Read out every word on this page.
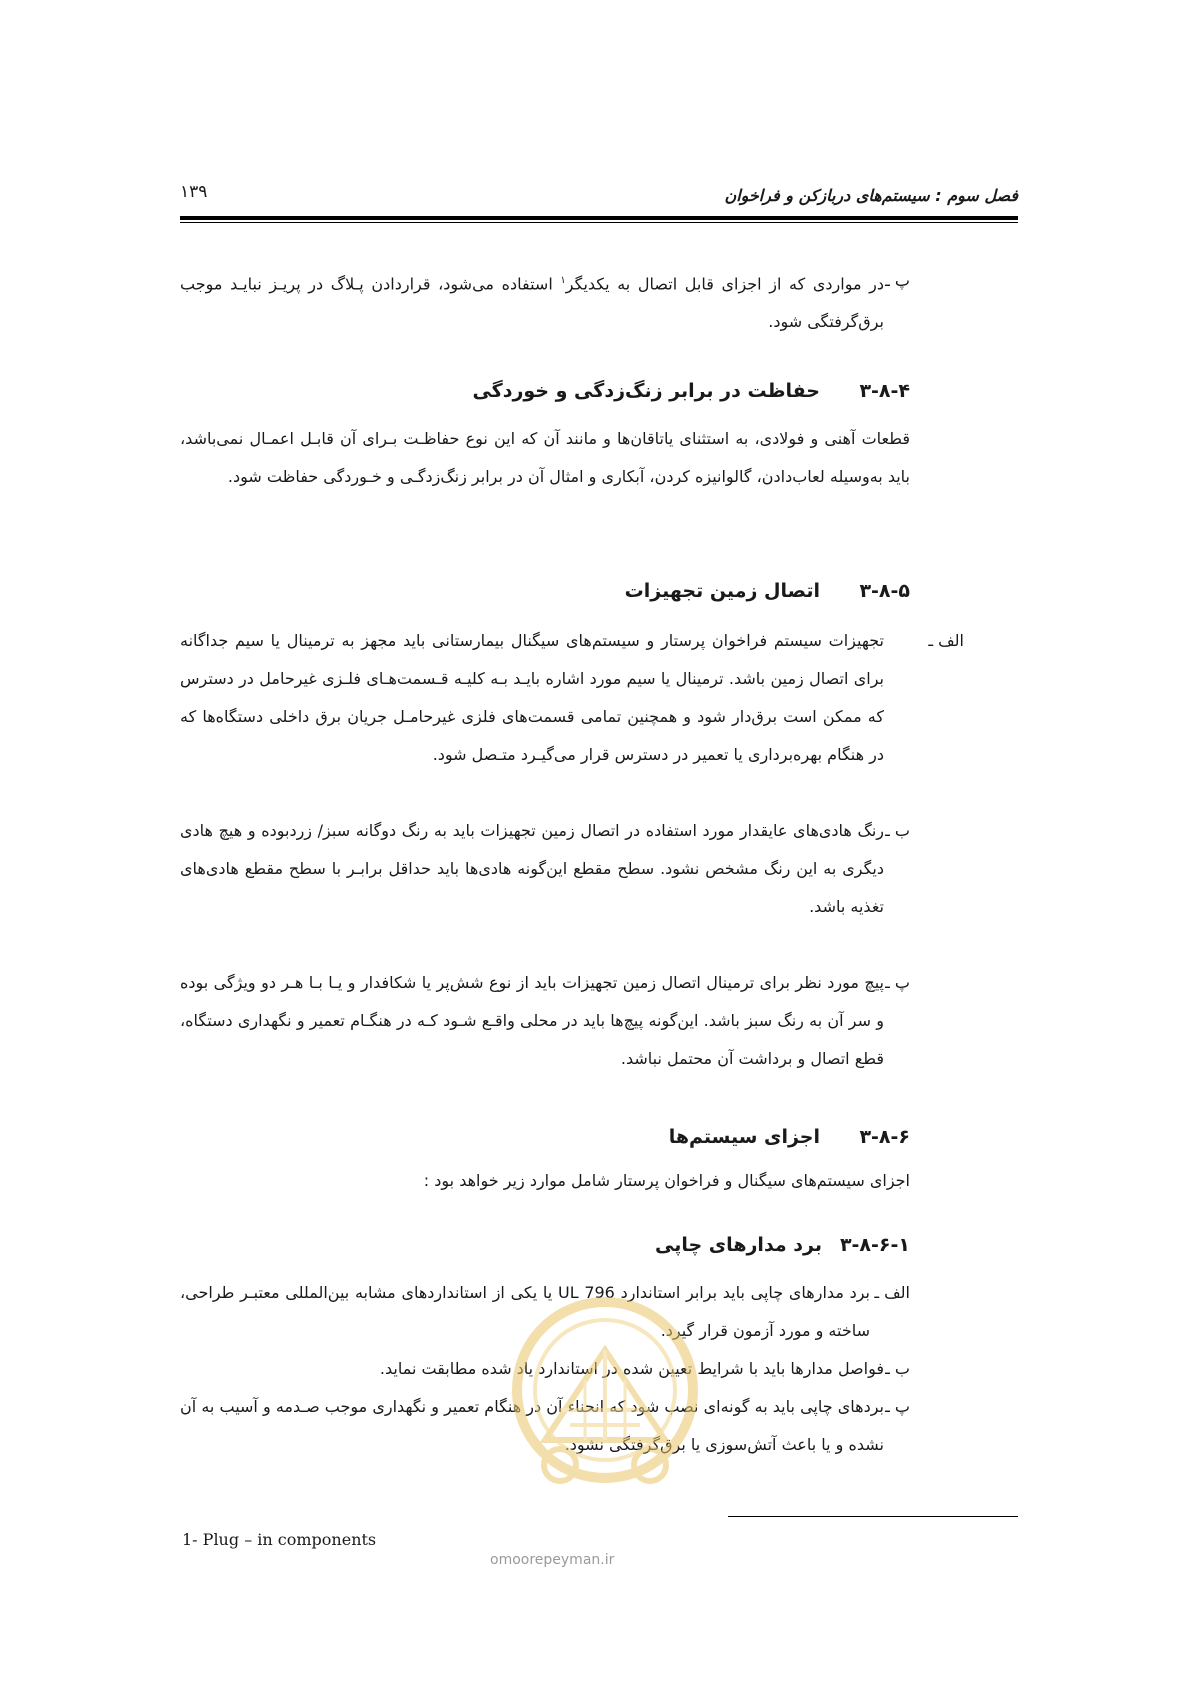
فصل سوم : سیستم‌های دربازکن و فراخوان
۱۳۹
پ ـ
در مواردی که از اجزای قابل اتصال به یکدیگر$^۱$ استفاده می‌شود، قراردادن پـلاگ در پریـز نبایـد موجب برق‌گرفتگی شود.
۳-۸-۴
حفاظت در برابر زنگ‌زدگی و خوردگی
قطعات آهنی و فولادی، به استثنای یاتاقان‌ها و مانند آن که این نوع حفاظـت بـرای آن قابـل اعمـال نمی‌باشد، باید به‌وسیله لعاب‌دادن، گالوانیزه کردن، آبکاری و امثال آن در برابر زنگ‌زدگـی و خـوردگی حفاظت شود.
۳-۸-۵
اتصال زمین تجهیزات
الف ـ
تجهیزات سیستم فراخوان پرستار و سیستم‌های سیگنال بیمارستانی باید مجهز به ترمینال یا سیم جداگانه برای اتصال زمین باشد. ترمینال یا سیم مورد اشاره بایـد بـه کلیـه قـسمت‌هـای فلـزی غیرحامل در دسترس که ممکن است برق‌دار شود و همچنین تمامی قسمت‌های فلزی غیرحامـل جریان برق داخلی دستگاه‌ها که در هنگام بهره‌برداری یا تعمیر در دسترس قرار می‌گیـرد متـصل شود.
ب ـ
رنگ هادی‌های عایقدار مورد استفاده در اتصال زمین تجهیزات باید به رنگ دوگانه سبز/ زردبوده و هیچ هادی دیگری به این رنگ مشخص نشود. سطح مقطع این‌گونه هادی‌ها باید حداقل برابـر با سطح مقطع هادی‌های تغذیه باشد.
پ ـ
پیچ مورد نظر برای ترمینال اتصال زمین تجهیزات باید از نوع شش‌پر یا شکافدار و یـا بـا هـر دو ویژگی بوده و سر آن به رنگ سبز باشد. این‌گونه پیچ‌ها باید در محلی واقـع شـود کـه در هنگـام تعمیر و نگهداری دستگاه، قطع اتصال و برداشت آن محتمل نباشد.
۳-۸-۶
اجزای سیستم‌ها
اجزای سیستم‌های سیگنال و فراخوان پرستار شامل موارد زیر خواهد بود :
۳-۸-۶-۱
برد مدارهای چاپی
الف ـ
برد مدارهای چاپی باید برابر استاندارد UL 796 یا یکی از استانداردهای مشابه بین‌المللی معتبـر طراحی، ساخته و مورد آزمون قرار گیرد.
ب ـ
فواصل مدارها باید با شرایط تعیین شده در استاندارد یاد شده مطابقت نماید.
پ ـ
بردهای چاپی باید به گونه‌ای نصب شود که انحناء آن در هنگام تعمیر و نگهداری موجب صـدمه و آسیب به آن نشده و یا باعث آتش‌سوزی یا برق‌گرفتگی نشود.
omoorepeyman.ir
1- Plug – in components
